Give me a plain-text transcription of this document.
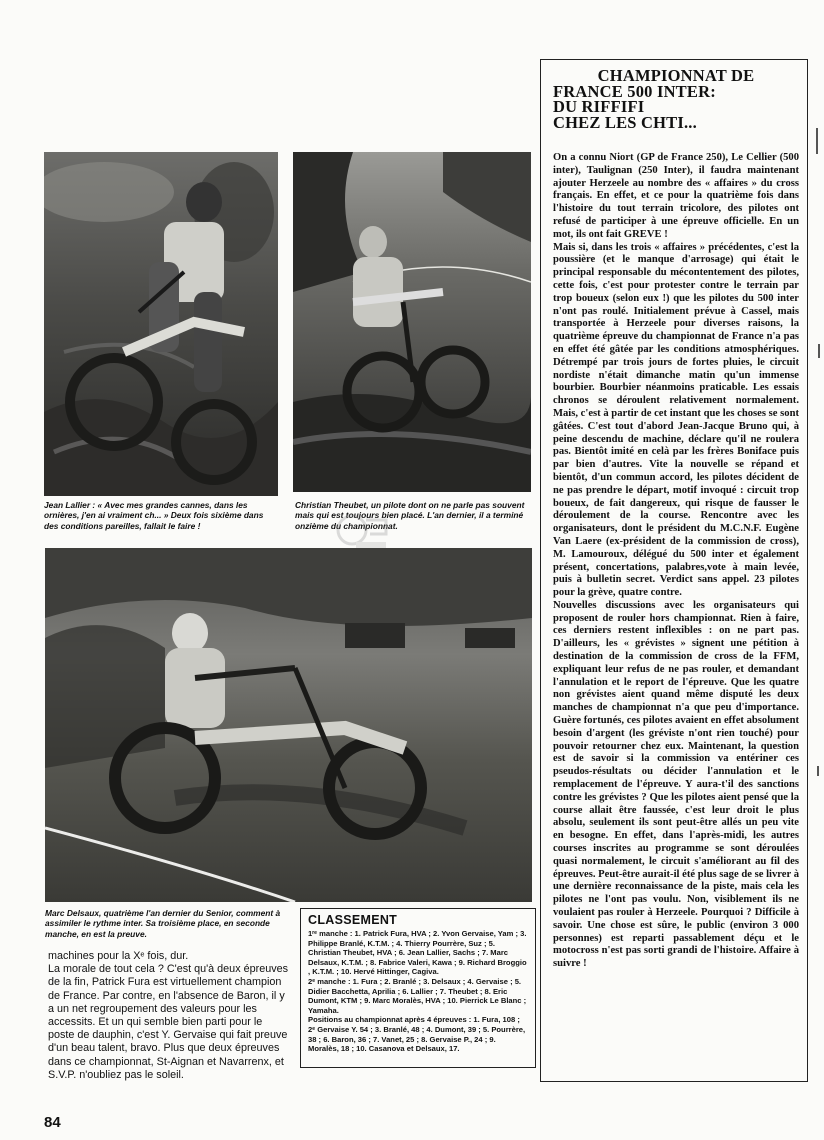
Jean Lallier : « Avec mes grandes cannes, dans les ornières, j'en ai vraiment ch... » Deux fois sixième dans des conditions pareilles, fallait le faire !
Christian Theubet, un pilote dont on ne parle pas souvent mais qui est toujours bien placé. L'an dernier, il a terminé onzième du championnat.
Marc Delsaux, quatrième l'an dernier du Senior, comment à assimiler le rythme inter. Sa troisième place, en seconde manche, en est la preuve.

machines pour la Xᵉ fois, dur.

La morale de tout cela ? C'est qu'à deux épreuves de la fin, Patrick Fura est virtuellement champion de France. Par contre, en l'absence de Baron, il y a un net regroupement des valeurs pour les accessits. Et un qui semble bien parti pour le poste de dauphin, c'est Y. Gervaise qui fait preuve d'un beau talent, bravo. Plus que deux épreuves dans ce championnat, St-Aignan et Navarrenx, et S.V.P. n'oubliez pas le soleil.

CLASSEMENT

1ʳᵉ manche : 1. Patrick Fura, HVA ; 2. Yvon Gervaise, Yam ; 3. Philippe Branlé, K.T.M. ; 4. Thierry Pourrère, Suz ; 5. Christian Theubet, HVA ; 6. Jean Lallier, Sachs ; 7. Marc Delsaux, K.T.M. ; 8. Fabrice Valeri, Kawa ; 9. Richard Broggio , K.T.M. ; 10. Hervé Hittinger, Cagiva.

2ᵉ manche : 1. Fura ; 2. Branlé ; 3. Delsaux ; 4. Gervaise ; 5. Didier Bacchetta, Aprilia ; 6. Lallier ; 7. Theubet ; 8. Eric Dumont, KTM ; 9. Marc Moralès, HVA ; 10. Pierrick Le Blanc ; Yamaha.

Positions au championnat après 4 épreuves : 1. Fura, 108 ; 2ᵉ Gervaise Y. 54 ; 3. Branlé, 48 ; 4. Dumont, 39 ; 5. Pourrère, 38 ; 6. Baron, 36 ; 7. Vanet, 25 ; 8. Gervaise P., 24 ; 9. Moralès, 18 ; 10. Casanova et Delsaux, 17.

CHAMPIONNAT DE
FRANCE 500 INTER:
DU RIFFIFI
CHEZ LES CHTI...

On a connu Niort (GP de France 250), Le Cellier (500 inter), Taulignan (250 Inter), il faudra maintenant ajouter Herzeele au nombre des « affaires » du cross français. En effet, et ce pour la quatrième fois dans l'histoire du tout terrain tricolore, des pilotes ont refusé de participer à une épreuve officielle. En un mot, ils ont fait GREVE !

Mais si, dans les trois « affaires » précédentes, c'est la poussière (et le manque d'arrosage) qui était le principal responsable du mécontentement des pilotes, cette fois, c'est pour protester contre le terrain par trop boueux (selon eux !) que les pilotes du 500 inter n'ont pas roulé. Initialement prévue à Cassel, mais transportée à Herzeele pour diverses raisons, la quatrième épreuve du championnat de France n'a pas en effet été gâtée par les conditions atmosphériques. Détrempé par trois jours de fortes pluies, le circuit nordiste n'était dimanche matin qu'un immense bourbier. Bourbier néanmoins praticable. Les essais chronos se déroulent relativement normalement. Mais, c'est à partir de cet instant que les choses se sont gâtées. C'est tout d'abord Jean-Jacque Bruno qui, à peine descendu de machine, déclare qu'il ne roulera pas. Bientôt imité en celà par les frères Boniface puis par bien d'autres. Vite la nouvelle se répand et bientôt, d'un commun accord, les pilotes décident de ne pas prendre le départ, motif invoqué : circuit trop boueux, de fait dangereux, qui risque de fausser le déroulement de la course. Rencontre avec les organisateurs, dont le président du M.C.N.F. Eugène Van Laere (ex-président de la commission de cross), M. Lamouroux, délégué du 500 inter et également présent, concertations, palabres,vote à main levée, puis à bulletin secret. Verdict sans appel. 23 pilotes pour la grève, quatre contre.

Nouvelles discussions avec les organisateurs qui proposent de rouler hors championnat. Rien à faire, ces derniers restent inflexibles : on ne part pas. D'ailleurs, les « grévistes » signent une pétition à destination de la commission de cross de la FFM, expliquant leur refus de ne pas rouler, et demandant l'annulation et le report de l'épreuve. Que les quatre non grévistes aient quand même disputé les deux manches de championnat n'a que peu d'importance. Guère fortunés, ces pilotes avaient en effet absolument besoin d'argent (les gréviste n'ont rien touché) pour pouvoir retourner chez eux. Maintenant, la question est de savoir si la commission va entériner ces pseudos-résultats ou décider l'annulation et le remplacement de l'épreuve. Y aura-t'il des sanctions contre les grévistes ? Que les pilotes aient pensé que la course allait être faussée, c'est leur droit le plus absolu, seulement ils sont peut-être allés un peu vite en besogne. En effet, dans l'après-midi, les autres courses inscrites au programme se sont déroulées quasi normalement, le circuit s'améliorant au fil des épreuves. Peut-être aurait-il été plus sage de se livrer à une dernière reconnaissance de la piste, mais cela les pilotes ne l'ont pas voulu. Non, visiblement ils ne voulaient pas rouler à Herzeele. Pourquoi ? Difficile à savoir. Une chose est sûre, le public (environ 3 000 personnes) est reparti passablement déçu et le motocross n'est pas sorti grandi de l'histoire. Affaire à suivre !

84
